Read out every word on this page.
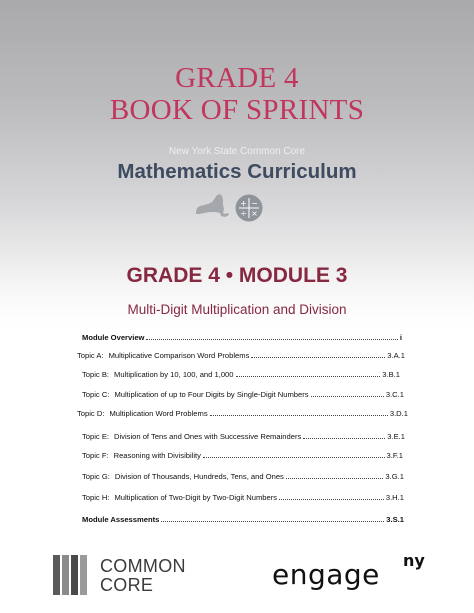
GRADE 4
BOOK OF SPRINTS
New York State Common Core
Mathematics Curriculum
+ −
÷ ×
GRADE 4 • MODULE 3
Multi-Digit Multiplication and Division
Module Overview	i
Topic A: Multiplicative Comparison Word Problems	3.A.1
Topic B: Multiplication by 10, 100, and 1,000	3.B.1
Topic C: Multiplication of up to Four Digits by Single-Digit Numbers	3.C.1
Topic D: Multiplication Word Problems	3.D.1
Topic E: Division of Tens and Ones with Successive Remainders	3.E.1
Topic F: Reasoning with Divisibility	3.F.1
Topic G: Division of Thousands, Hundreds, Tens, and Ones	3.G.1
Topic H: Multiplication of Two-Digit by Two-Digit Numbers	3.H.1
Module Assessments	3.S.1
COMMON
CORE	engage ny
